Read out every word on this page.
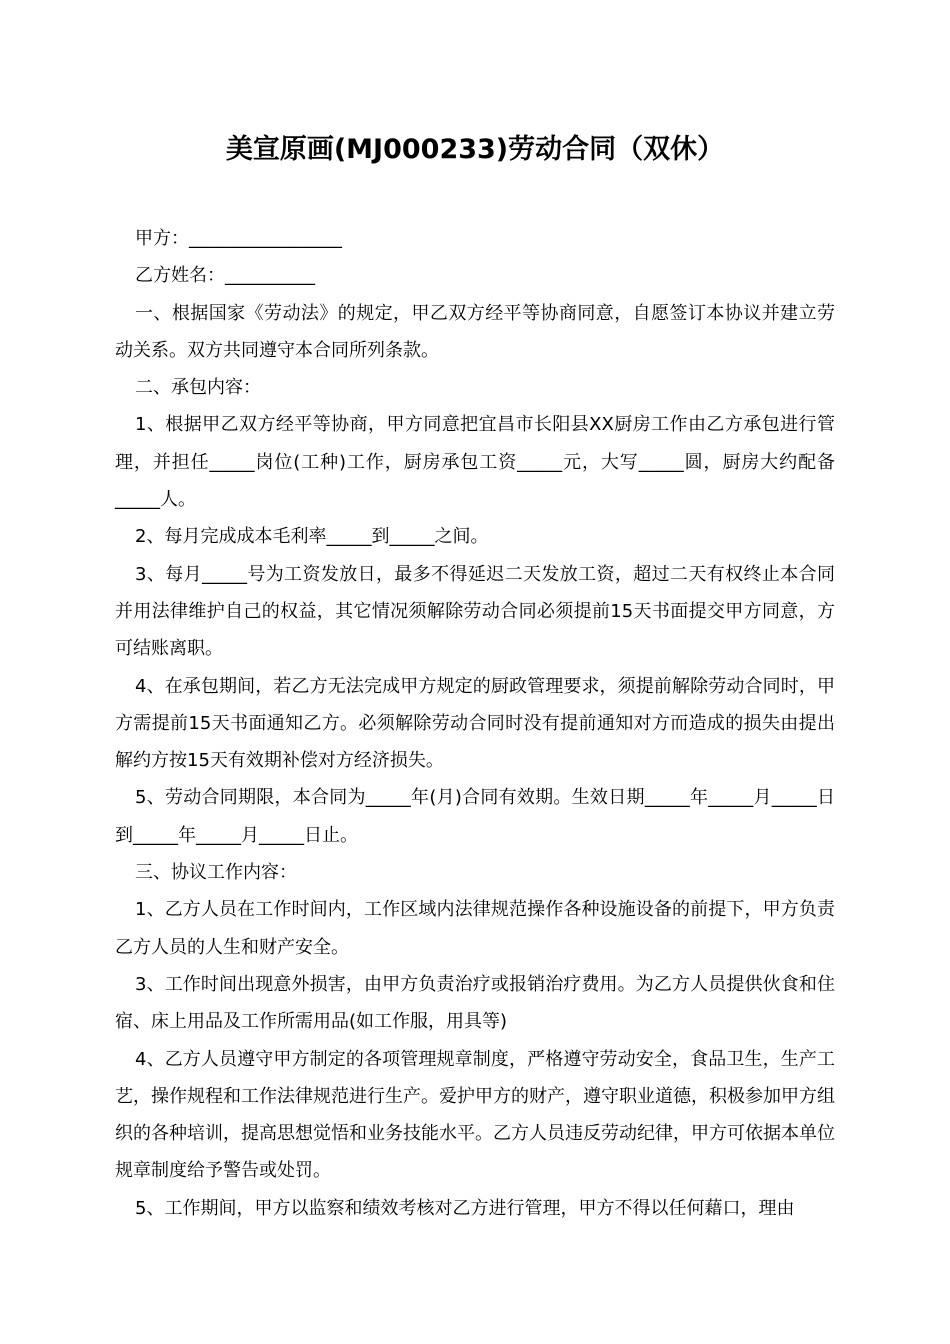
美宣原画(MJ000233)劳动合同（双休）

甲方：_________________

乙方姓名：__________

一、根据国家《劳动法》的规定，甲乙双方经平等协商同意，自愿签订本协议并建立劳动关系。双方共同遵守本合同所列条款。

二、承包内容：

1、根据甲乙双方经平等协商，甲方同意把宜昌市长阳县XX厨房工作由乙方承包进行管理，并担任_____岗位(工种)工作，厨房承包工资_____元，大写_____圆，厨房大约配备_____人。

2、每月完成成本毛利率_____到_____之间。

3、每月_____号为工资发放日，最多不得延迟二天发放工资，超过二天有权终止本合同并用法律维护自己的权益，其它情况须解除劳动合同必须提前15天书面提交甲方同意，方可结账离职。

4、在承包期间，若乙方无法完成甲方规定的厨政管理要求，须提前解除劳动合同时，甲方需提前15天书面通知乙方。必须解除劳动合同时没有提前通知对方而造成的损失由提出解约方按15天有效期补偿对方经济损失。

5、劳动合同期限，本合同为_____年(月)合同有效期。生效日期_____年_____月_____日到_____年_____月_____日止。

三、协议工作内容：

1、乙方人员在工作时间内，工作区域内法律规范操作各种设施设备的前提下，甲方负责乙方人员的人生和财产安全。

3、工作时间出现意外损害，由甲方负责治疗或报销治疗费用。为乙方人员提供伙食和住宿、床上用品及工作所需用品(如工作服，用具等)

4、乙方人员遵守甲方制定的各项管理规章制度，严格遵守劳动安全，食品卫生，生产工艺，操作规程和工作法律规范进行生产。爱护甲方的财产，遵守职业道德，积极参加甲方组织的各种培训，提高思想觉悟和业务技能水平。乙方人员违反劳动纪律，甲方可依据本单位规章制度给予警告或处罚。

5、工作期间，甲方以监察和绩效考核对乙方进行管理，甲方不得以任何藉口，理由
